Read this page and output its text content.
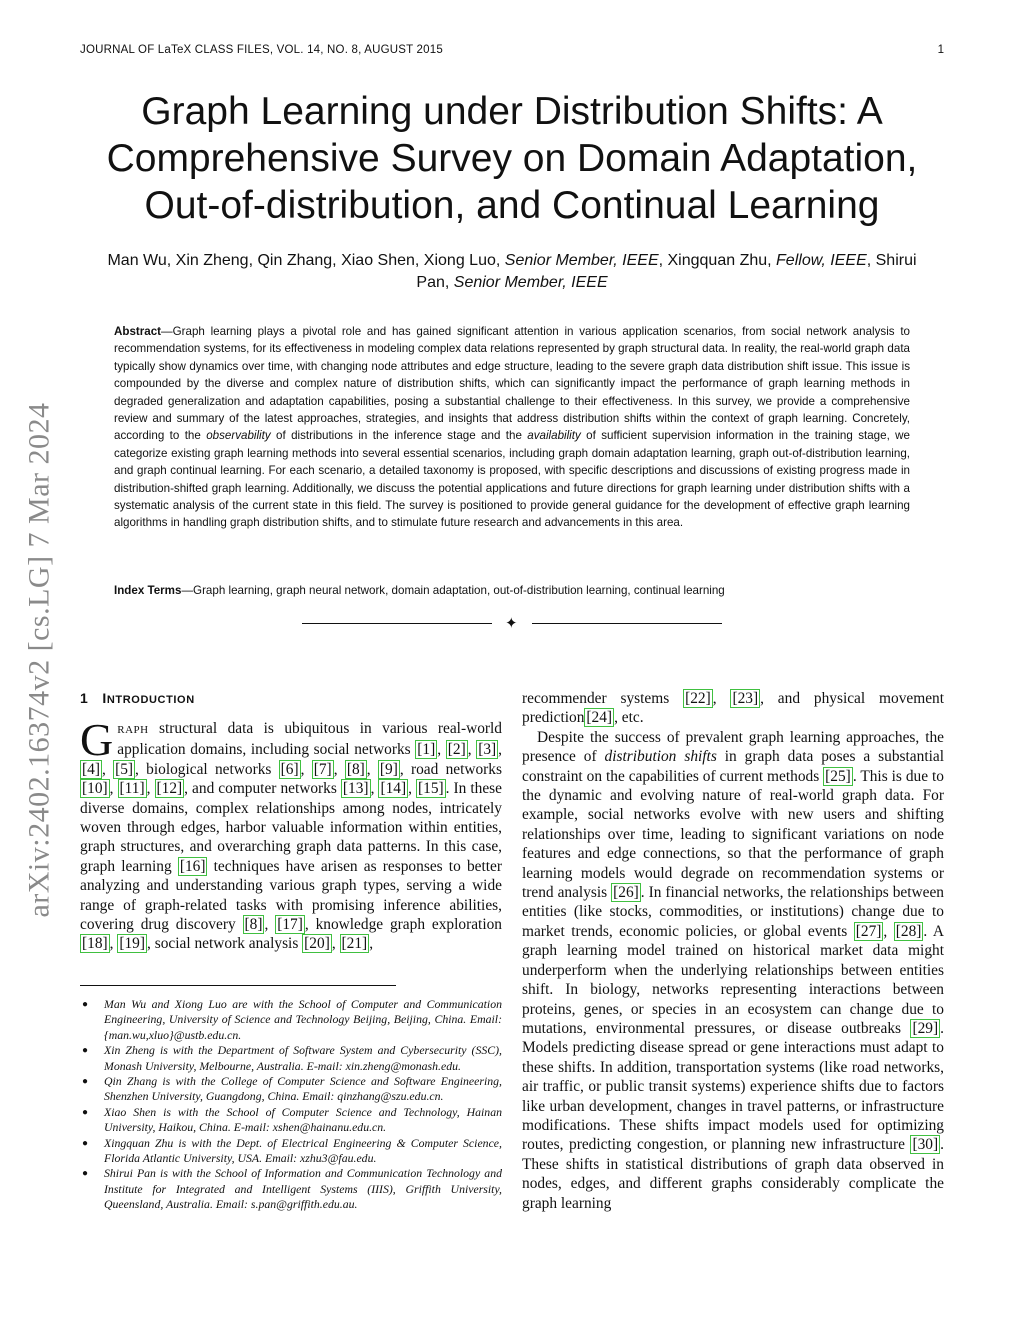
JOURNAL OF LaTeX CLASS FILES, VOL. 14, NO. 8, AUGUST 2015	1
arXiv:2402.16374v2 [cs.LG] 7 Mar 2024
Graph Learning under Distribution Shifts: A Comprehensive Survey on Domain Adaptation, Out-of-distribution, and Continual Learning
Man Wu, Xin Zheng, Qin Zhang, Xiao Shen, Xiong Luo, Senior Member, IEEE, Xingquan Zhu, Fellow, IEEE, Shirui Pan, Senior Member, IEEE
Abstract—Graph learning plays a pivotal role and has gained significant attention in various application scenarios, from social network analysis to recommendation systems, for its effectiveness in modeling complex data relations represented by graph structural data. In reality, the real-world graph data typically show dynamics over time, with changing node attributes and edge structure, leading to the severe graph data distribution shift issue. This issue is compounded by the diverse and complex nature of distribution shifts, which can significantly impact the performance of graph learning methods in degraded generalization and adaptation capabilities, posing a substantial challenge to their effectiveness. In this survey, we provide a comprehensive review and summary of the latest approaches, strategies, and insights that address distribution shifts within the context of graph learning. Concretely, according to the observability of distributions in the inference stage and the availability of sufficient supervision information in the training stage, we categorize existing graph learning methods into several essential scenarios, including graph domain adaptation learning, graph out-of-distribution learning, and graph continual learning. For each scenario, a detailed taxonomy is proposed, with specific descriptions and discussions of existing progress made in distribution-shifted graph learning. Additionally, we discuss the potential applications and future directions for graph learning under distribution shifts with a systematic analysis of the current state in this field. The survey is positioned to provide general guidance for the development of effective graph learning algorithms in handling graph distribution shifts, and to stimulate future research and advancements in this area.
Index Terms—Graph learning, graph neural network, domain adaptation, out-of-distribution learning, continual learning
✦
1 INTRODUCTION

GRAPH structural data is ubiquitous in various real-world application domains, including social networks [1] , [2] , [3] , [4] , [5] , biological networks [6] , [7] , [8] , [9] , road networks [10] , [11] , [12] , and computer networks [13] , [14] , [15] . In these diverse domains, complex relationships among nodes, intricately woven through edges, harbor valuable information within entities, graph structures, and overarching graph data patterns. In this case, graph learning [16] techniques have arisen as responses to better analyzing and understanding various graph types, serving a wide range of graph-related tasks with promising inference abilities, covering drug discovery [8] , [17] , knowledge graph exploration [18] , [19] , social network analysis [20] , [21] ,

● Man Wu and Xiong Luo are with the School of Computer and Communication Engineering, University of Science and Technology Beijing, Beijing, China. Email: {man.wu,xluo}@ustb.edu.cn.
● Xin Zheng is with the Department of Software System and Cybersecurity (SSC), Monash University, Melbourne, Australia. E-mail: xin.zheng@monash.edu.
● Qin Zhang is with the College of Computer Science and Software Engineering, Shenzhen University, Guangdong, China. Email: qinzhang@szu.edu.cn.
● Xiao Shen is with the School of Computer Science and Technology, Hainan University, Haikou, China. E-mail: xshen@hainanu.edu.cn.
● Xingquan Zhu is with the Dept. of Electrical Engineering & Computer Science, Florida Atlantic University, USA. Email: xzhu3@fau.edu.
● Shirui Pan is with the School of Information and Communication Technology and Institute for Integrated and Intelligent Systems (IIIS), Griffith University, Queensland, Australia. Email: s.pan@griffith.edu.au.

recommender systems [22] , [23] , and physical movement prediction [24] , etc.

Despite the success of prevalent graph learning approaches, the presence of distribution shifts in graph data poses a substantial constraint on the capabilities of current methods [25] . This is due to the dynamic and evolving nature of real-world graph data. For example, social networks evolve with new users and shifting relationships over time, leading to significant variations on node features and edge connections, so that the performance of graph learning models would degrade on recommendation systems or trend analysis [26] . In financial networks, the relationships between entities (like stocks, commodities, or institutions) change due to market trends, economic policies, or global events [27] , [28] . A graph learning model trained on historical market data might underperform when the underlying relationships between entities shift. In biology, networks representing interactions between proteins, genes, or species in an ecosystem can change due to mutations, environmental pressures, or disease outbreaks [29] . Models predicting disease spread or gene interactions must adapt to these shifts. In addition, transportation systems (like road networks, air traffic, or public transit systems) experience shifts due to factors like urban development, changes in travel patterns, or infrastructure modifications. These shifts impact models used for optimizing routes, predicting congestion, or planning new infrastructure [30] . These shifts in statistical distributions of graph data observed in nodes, edges, and different graphs considerably complicate the graph learning
